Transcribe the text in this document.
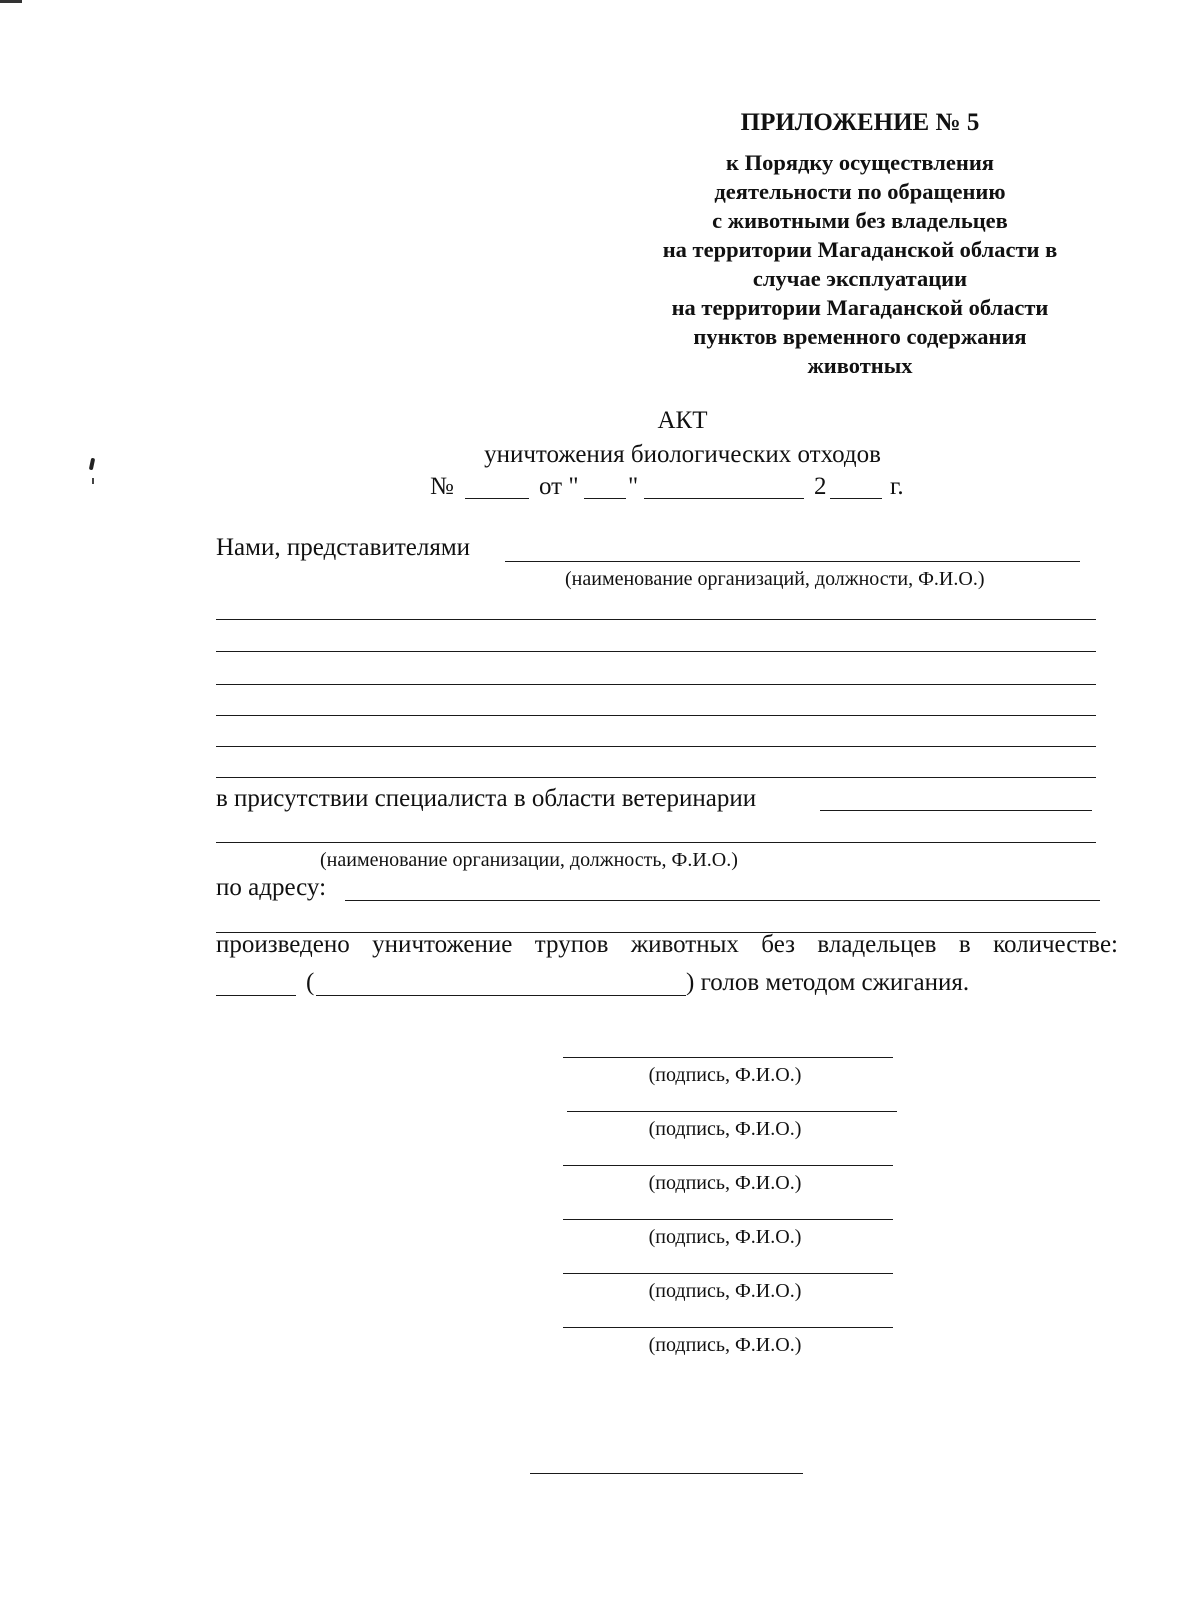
ПРИЛОЖЕНИЕ № 5
к Порядку осуществления
деятельности по обращению
с животными без владельцев
на территории Магаданской области в
случае эксплуатации
на территории Магаданской области
пунктов временного содержания
животных
АКТ
уничтожения биологических отходов
№	от " "	2	г.
Нами, представителями
(наименование организаций, должности, Ф.И.О.)
в присутствии специалиста в области ветеринарии
(наименование организации, должность, Ф.И.О.)
по адресу:
произведено уничтожение трупов животных без владельцев в количестве:
(	) голов методом сжигания.
(подпись, Ф.И.О.)
(подпись, Ф.И.О.)
(подпись, Ф.И.О.)
(подпись, Ф.И.О.)
(подпись, Ф.И.О.)
(подпись, Ф.И.О.)
